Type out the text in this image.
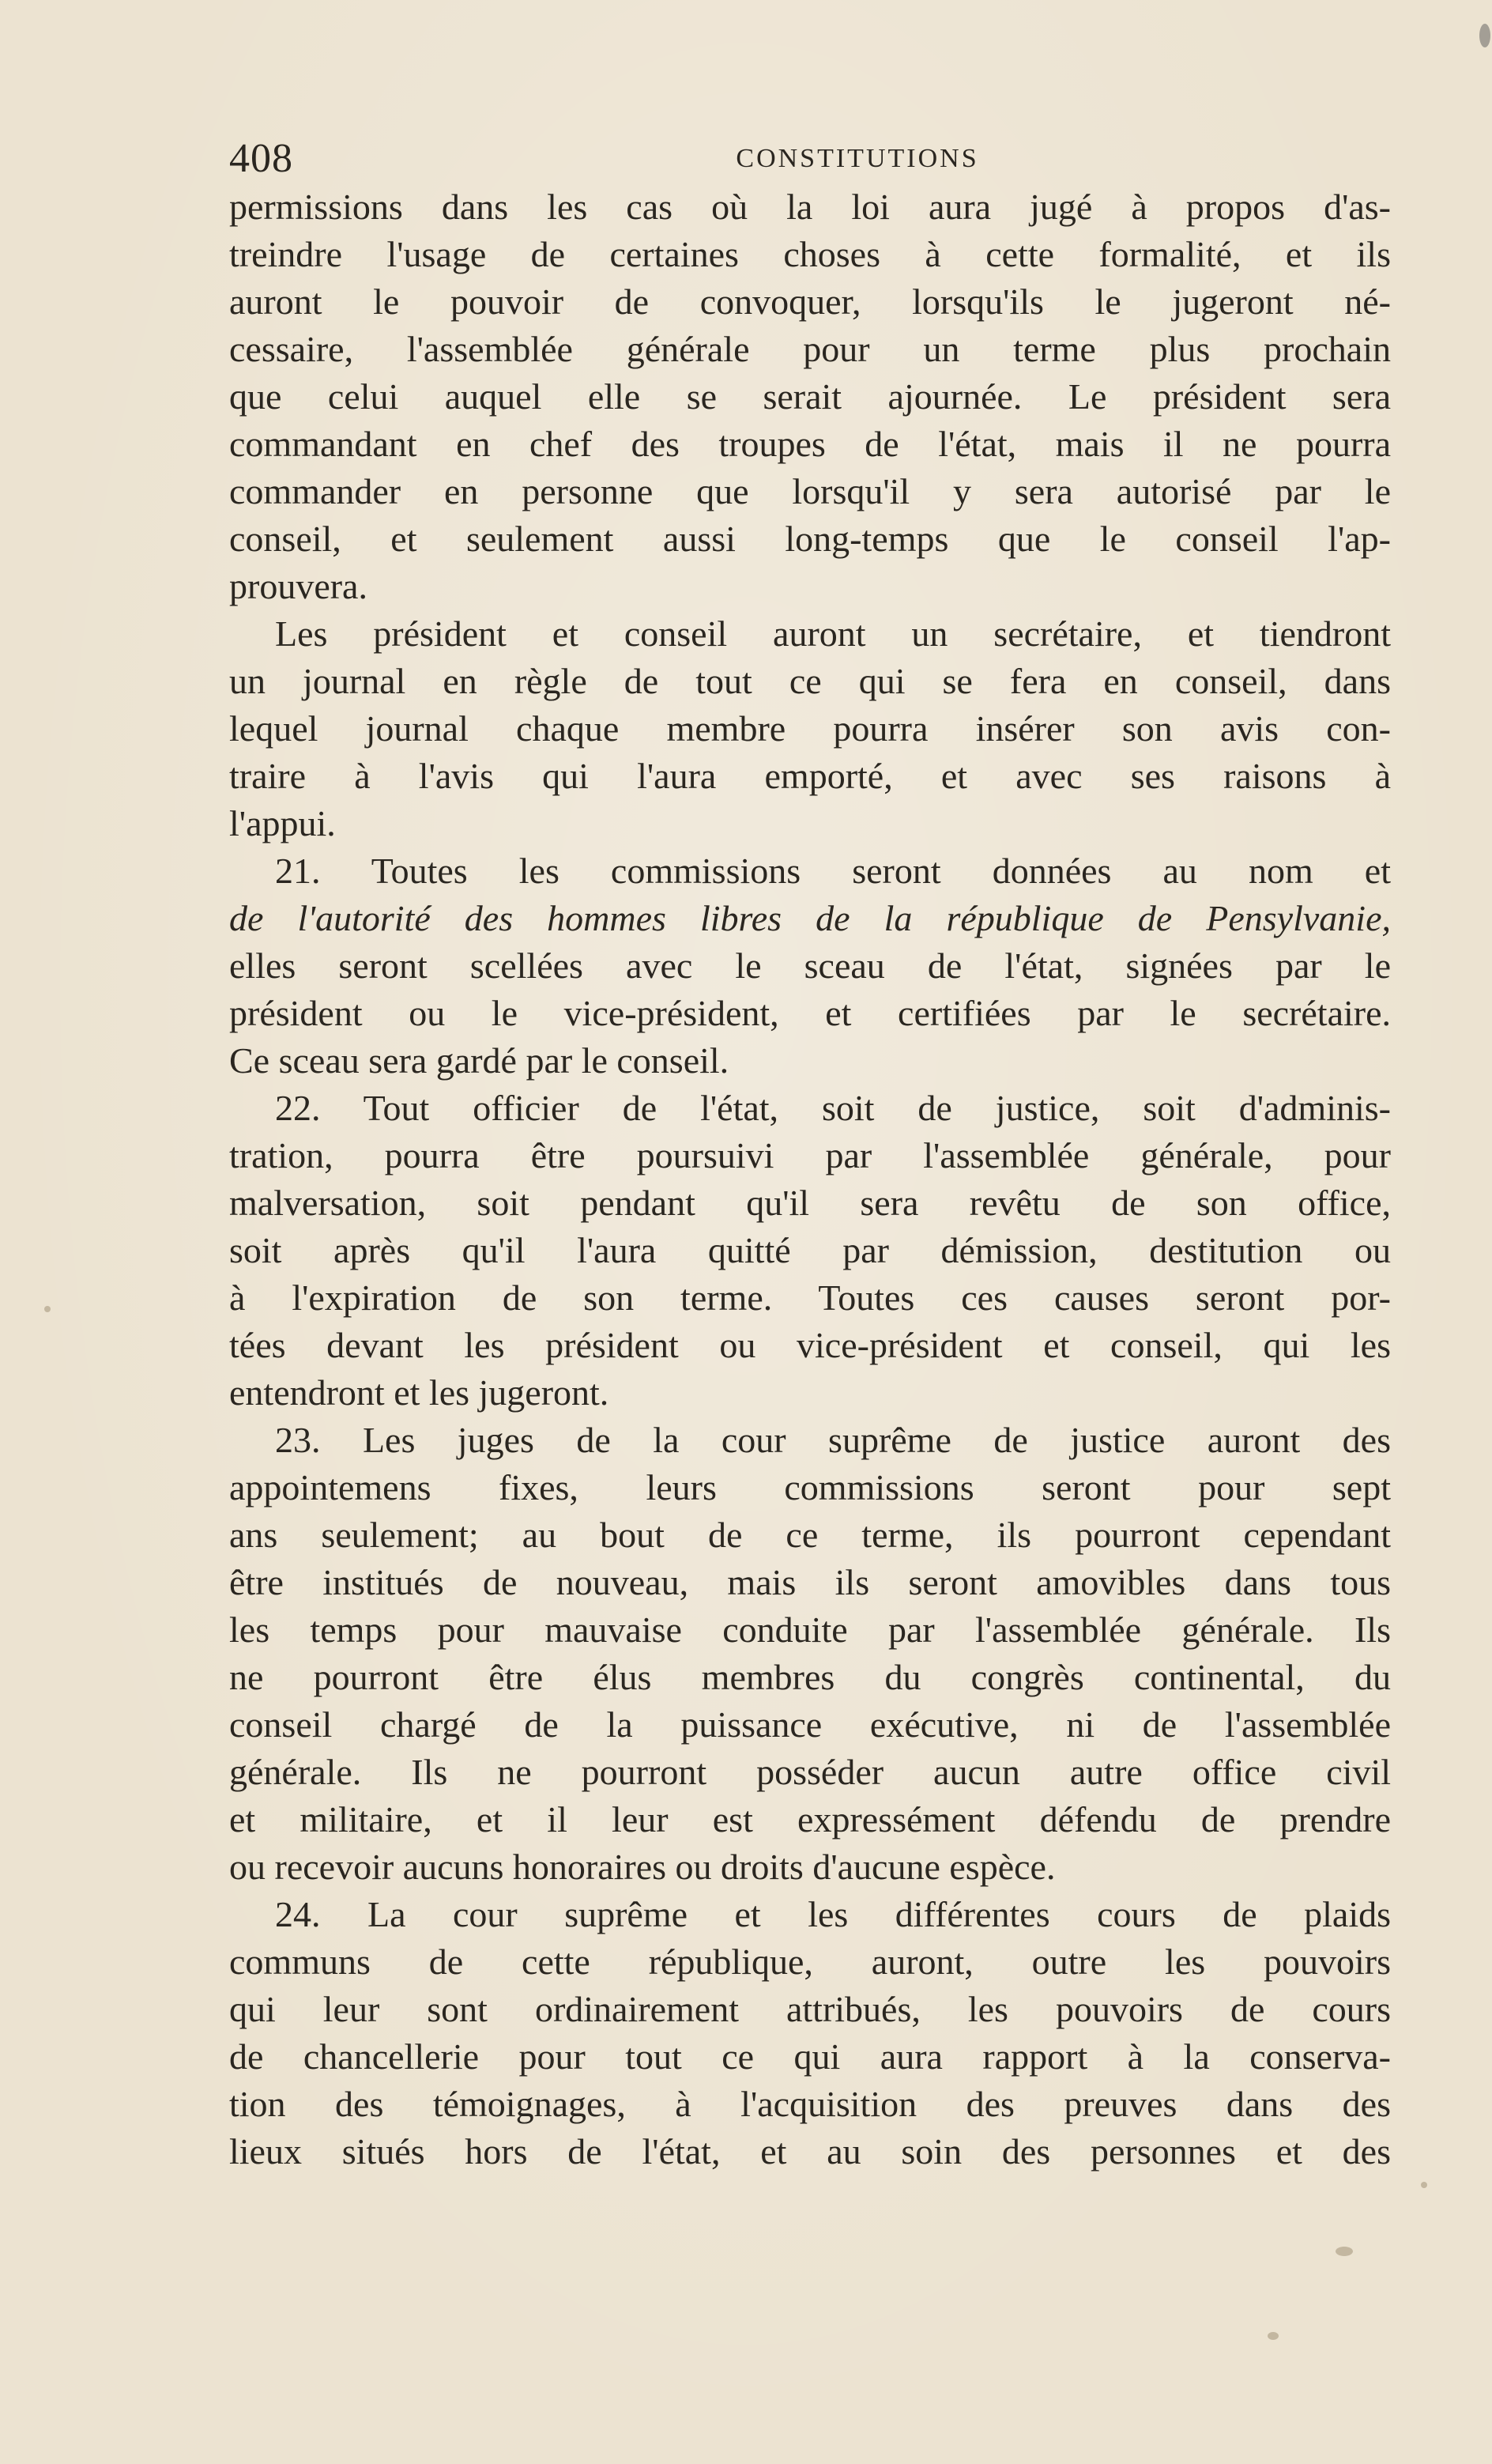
408	CONSTITUTIONS
permissions dans les cas où la loi aura jugé à propos d'as-
treindre l'usage de certaines choses à cette formalité, et ils
auront le pouvoir de convoquer, lorsqu'ils le jugeront né-
cessaire, l'assemblée générale pour un terme plus prochain
que celui auquel elle se serait ajournée. Le président sera
commandant en chef des troupes de l'état, mais il ne pourra
commander en personne que lorsqu'il y sera autorisé par le
conseil, et seulement aussi long-temps que le conseil l'ap-
prouvera.
Les président et conseil auront un secrétaire, et tiendront
un journal en règle de tout ce qui se fera en conseil, dans
lequel journal chaque membre pourra insérer son avis con-
traire à l'avis qui l'aura emporté, et avec ses raisons à
l'appui.
21. Toutes les commissions seront données au nom et
de l'autorité des hommes libres de la république de Pensylvanie,
elles seront scellées avec le sceau de l'état, signées par le
président ou le vice-président, et certifiées par le secrétaire.
Ce sceau sera gardé par le conseil.
22. Tout officier de l'état, soit de justice, soit d'adminis-
tration, pourra être poursuivi par l'assemblée générale, pour
malversation, soit pendant qu'il sera revêtu de son office,
soit après qu'il l'aura quitté par démission, destitution ou
à l'expiration de son terme. Toutes ces causes seront por-
tées devant les président ou vice-président et conseil, qui les
entendront et les jugeront.
23. Les juges de la cour suprême de justice auront des
appointemens fixes, leurs commissions seront pour sept
ans seulement; au bout de ce terme, ils pourront cependant
être institués de nouveau, mais ils seront amovibles dans tous
les temps pour mauvaise conduite par l'assemblée générale. Ils
ne pourront être élus membres du congrès continental, du
conseil chargé de la puissance exécutive, ni de l'assemblée
générale. Ils ne pourront posséder aucun autre office civil
et militaire, et il leur est expressément défendu de prendre
ou recevoir aucuns honoraires ou droits d'aucune espèce.
24. La cour suprême et les différentes cours de plaids
communs de cette république, auront, outre les pouvoirs
qui leur sont ordinairement attribués, les pouvoirs de cours
de chancellerie pour tout ce qui aura rapport à la conserva-
tion des témoignages, à l'acquisition des preuves dans des
lieux situés hors de l'état, et au soin des personnes et des
